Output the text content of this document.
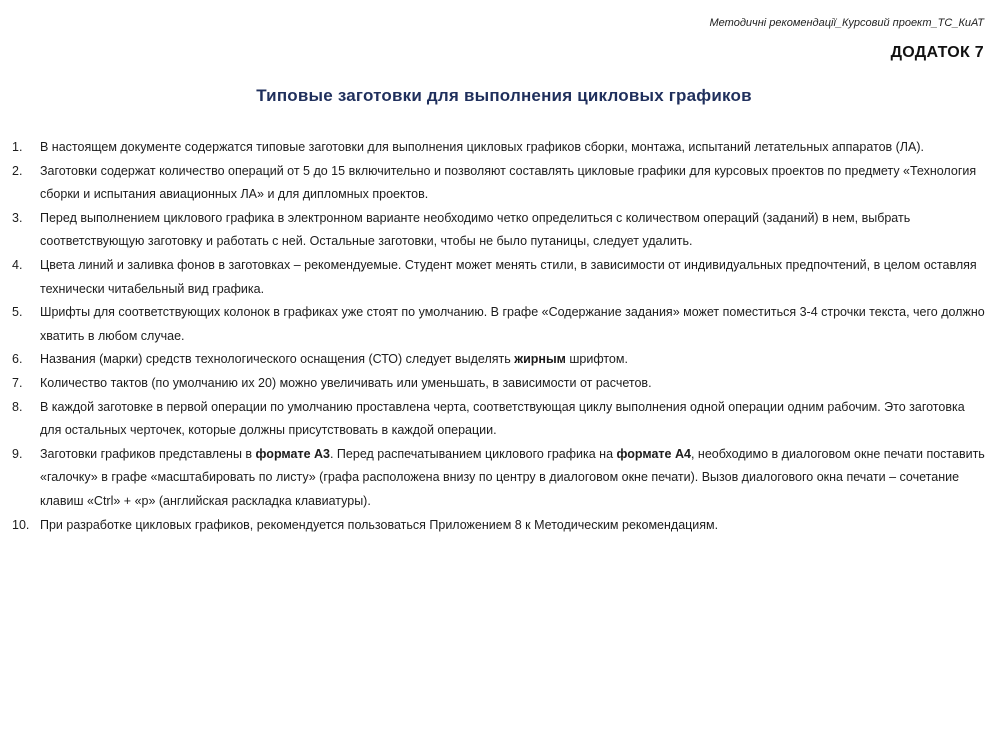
Методичні рекомендації_Курсовий проект_ТС_КиАТ
ДОДАТОК 7
Типовые заготовки для выполнения цикловых графиков
1. В настоящем документе содержатся типовые заготовки для выполнения цикловых графиков сборки, монтажа, испытаний летательных аппаратов (ЛА).
2. Заготовки содержат количество операций от 5 до 15 включительно и позволяют составлять цикловые графики для курсовых проектов по предмету «Технология сборки и испытания авиационных ЛА» и для дипломных проектов.
3. Перед выполнением циклового графика в электронном варианте необходимо четко определиться с количеством операций (заданий) в нем, выбрать соответствующую заготовку и работать с ней. Остальные заготовки, чтобы не было путаницы, следует удалить.
4. Цвета линий и заливка фонов в заготовках – рекомендуемые. Студент может менять стили, в зависимости от индивидуальных предпочтений, в целом оставляя технически читабельный вид графика.
5. Шрифты для соответствующих колонок в графиках уже стоят по умолчанию. В графе «Содержание задания» может поместиться 3-4 строчки текста, чего должно хватить в любом случае.
6. Названия (марки) средств технологического оснащения (СТО) следует выделять жирным шрифтом.
7. Количество тактов (по умолчанию их 20) можно увеличивать или уменьшать, в зависимости от расчетов.
8. В каждой заготовке в первой операции по умолчанию проставлена черта, соответствующая циклу выполнения одной операции одним рабочим. Это заготовка для остальных черточек, которые должны присутствовать в каждой операции.
9. Заготовки графиков представлены в формате А3. Перед распечатыванием циклового графика на формате А4, необходимо в диалоговом окне печати поставить «галочку» в графе «масштабировать по листу» (графа расположена внизу по центру в диалоговом окне печати). Вызов диалогового окна печати – сочетание клавиш «Ctrl» + «р» (английская раскладка клавиатуры).
10. При разработке цикловых графиков, рекомендуется пользоваться Приложением 8 к Методическим рекомендациям.
